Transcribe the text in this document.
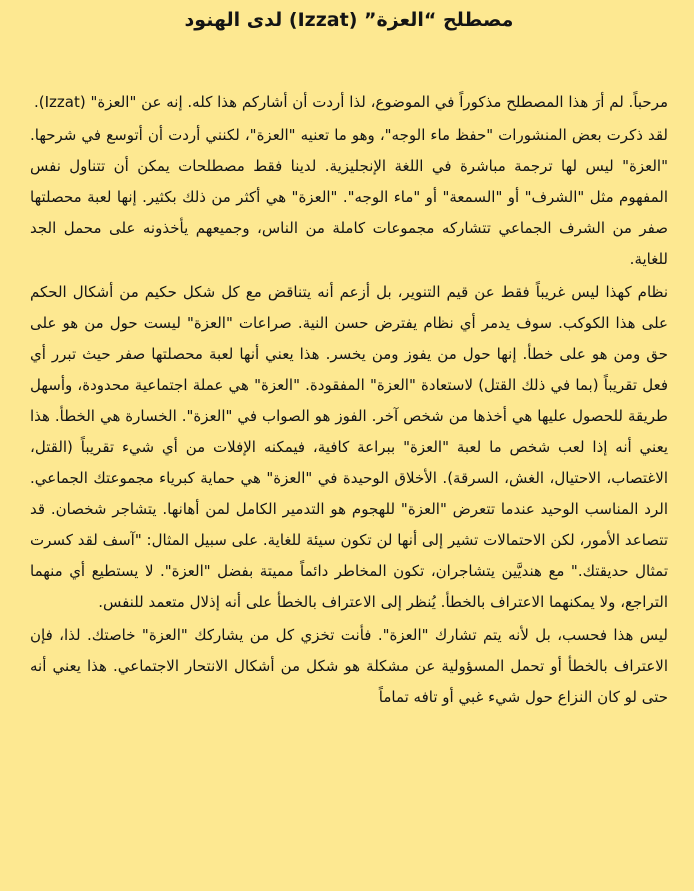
مصطلح “العزة” (Izzat) لدى الهنود

مرحباً. لم أرَ هذا المصطلح مذكوراً في الموضوع، لذا أردت أن أشاركم هذا كله. إنه عن "العزة" (Izzat).

لقد ذكرت بعض المنشورات "حفظ ماء الوجه"، وهو ما تعنيه "العزة"، لكنني أردت أن أتوسع في شرحها. "العزة" ليس لها ترجمة مباشرة في اللغة الإنجليزية. لدينا فقط مصطلحات يمكن أن تتناول نفس المفهوم مثل "الشرف" أو "السمعة" أو "ماء الوجه". "العزة" هي أكثر من ذلك بكثير. إنها لعبة محصلتها صفر من الشرف الجماعي تتشاركه مجموعات كاملة من الناس، وجميعهم يأخذونه على محمل الجد للغاية.

نظام كهذا ليس غريباً فقط عن قيم التنوير، بل أزعم أنه يتناقض مع كل شكل حكيم من أشكال الحكم على هذا الكوكب. سوف يدمر أي نظام يفترض حسن النية. صراعات "العزة" ليست حول من هو على حق ومن هو على خطأ. إنها حول من يفوز ومن يخسر. هذا يعني أنها لعبة محصلتها صفر حيث تبرر أي فعل تقريباً (بما في ذلك القتل) لاستعادة "العزة" المفقودة. "العزة" هي عملة اجتماعية محدودة، وأسهل طريقة للحصول عليها هي أخذها من شخص آخر. الفوز هو الصواب في "العزة". الخسارة هي الخطأ. هذا يعني أنه إذا لعب شخص ما لعبة "العزة" ببراعة كافية، فيمكنه الإفلات من أي شيء تقريباً (القتل، الاغتصاب، الاحتيال، الغش، السرقة). الأخلاق الوحيدة في "العزة" هي حماية كبرياء مجموعتك الجماعي. الرد المناسب الوحيد عندما تتعرض "العزة" للهجوم هو التدمير الكامل لمن أهانها. يتشاجر شخصان. قد تتصاعد الأمور، لكن الاحتمالات تشير إلى أنها لن تكون سيئة للغاية. على سبيل المثال: "آسف لقد كسرت تمثال حديقتك." مع هنديَّين يتشاجران، تكون المخاطر دائماً مميتة بفضل "العزة". لا يستطيع أي منهما التراجع، ولا يمكنهما الاعتراف بالخطأ. يُنظر إلى الاعتراف بالخطأ على أنه إذلال متعمد للنفس.

ليس هذا فحسب، بل لأنه يتم تشارك "العزة". فأنت تخزي كل من يشاركك "العزة" خاصتك. لذا، فإن الاعتراف بالخطأ أو تحمل المسؤولية عن مشكلة هو شكل من أشكال الانتحار الاجتماعي. هذا يعني أنه حتى لو كان النزاع حول شيء غبي أو تافه تماماً
